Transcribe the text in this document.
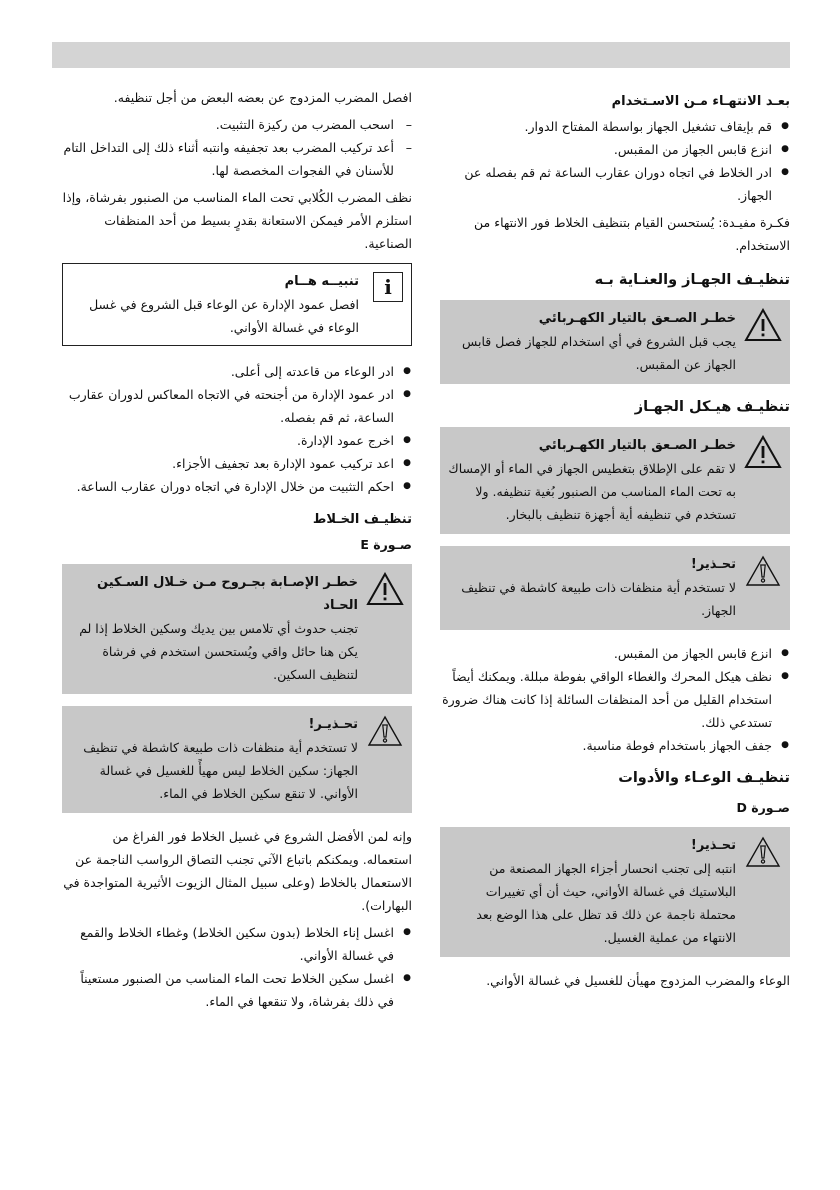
بعـد الانتهـاء مـن الاسـتخدام
● قم بإيقاف تشغيل الجهاز بواسطة المفتاح الدوار.
● انزع قابس الجهاز من المقبس.
● ادر الخلاط في اتجاه دوران عقارب الساعة ثم قم بفصله عن الجهاز.
فكـرة مفيـدة: يُستحسن القيام بتنظيف الخلاط فور الانتهاء من الاستخدام.
تنظيـف الجهـاز والعنـاية بـه
خطـر الصـعق بالتيار الكهـربائي
يجب قبل الشروع في أي استخدام للجهاز فصل قابس الجهاز عن المقبس.
تنظيـف هيـكل الجهـاز
خطـر الصـعق بالتيار الكهـربائي
لا تقم على الإطلاق بتغطيس الجهاز في الماء أو الإمساك به تحت الماء المناسب من الصنبور بُغية تنظيفه. ولا تستخدم في تنظيفه أية أجهزة تنظيف بالبخار.
تحـذير!
لا تستخدم أية منظفات ذات طبيعة كاشطة في تنظيف الجهاز.
● انزع قابس الجهاز من المقبس.
● نظف هيكل المحرك والغطاء الواقي بفوطة مبللة. ويمكنك أيضاً استخدام القليل من أحد المنظفات السائلة إذا كانت هناك ضرورة تستدعي ذلك.
● جفف الجهاز باستخدام فوطة مناسبة.
تنظيـف الوعـاء والأدوات
صـورة D
تحـذير!
انتبه إلى تجنب انحسار أجزاء الجهاز المصنعة من البلاستيك في غسالة الأواني، حيث أن أي تغييرات محتملة ناجمة عن ذلك قد تظل على هذا الوضع بعد الانتهاء من عملية الغسيل.
الوعاء والمضرب المزدوج مهيأن للغسيل في غسالة الأواني.
افصل المضرب المزدوج عن بعضه البعض من أجل تنظيفه.
– اسحب المضرب من ركيزة التثبيت.
– أعد تركيب المضرب بعد تجفيفه وانتبه أثناء ذلك إلى التداخل التام للأسنان في الفجوات المخصصة لها.
نظف المضرب الكُلابي تحت الماء المناسب من الصنبور بفرشاة، وإذا استلزم الأمر فيمكن الاستعانة بقدرٍ بسيط من أحد المنظفات الصناعية.
i
تنبيــه هــام
افصل عمود الإدارة عن الوعاء قبل الشروع في غسل الوعاء في غسالة الأواني.
● ادر الوعاء من قاعدته إلى أعلى.
● ادر عمود الإدارة من أجنحته في الاتجاه المعاكس لدوران عقارب الساعة، ثم قم بفصله.
● اخرج عمود الإدارة.
● اعد تركيب عمود الإدارة بعد تجفيف الأجزاء.
● احكم التثبيت من خلال الإدارة في اتجاه دوران عقارب الساعة.
تنظيـف الخـلاط
صـورة E
خطـر الإصـابة بجـروح مـن خـلال السـكين الحـاد
تجنب حدوث أي تلامس بين يديك وسكين الخلاط إذا لم يكن هنا حائل واقي ويُستحسن استخدم في فرشاة لتنظيف السكين.
تحـذيـر!
لا تستخدم أية منظفات ذات طبيعة كاشطة في تنظيف الجهاز: سكين الخلاط ليس مهيأً للغسيل في غسالة الأواني. لا تنقع سكين الخلاط في الماء.
وإنه لمن الأفضل الشروع في غسيل الخلاط فور الفراغ من استعماله. ويمكنكم باتباع الآتي تجنب التصاق الرواسب الناجمة عن الاستعمال بالخلاط (وعلى سبيل المثال الزيوت الأثيرية المتواجدة في البهارات).
● اغسل إناء الخلاط (بدون سكين الخلاط) وغطاء الخلاط والقمع في غسالة الأواني.
● اغسل سكين الخلاط تحت الماء المناسب من الصنبور مستعيناً في ذلك بفرشاة، ولا تنقعها في الماء.
